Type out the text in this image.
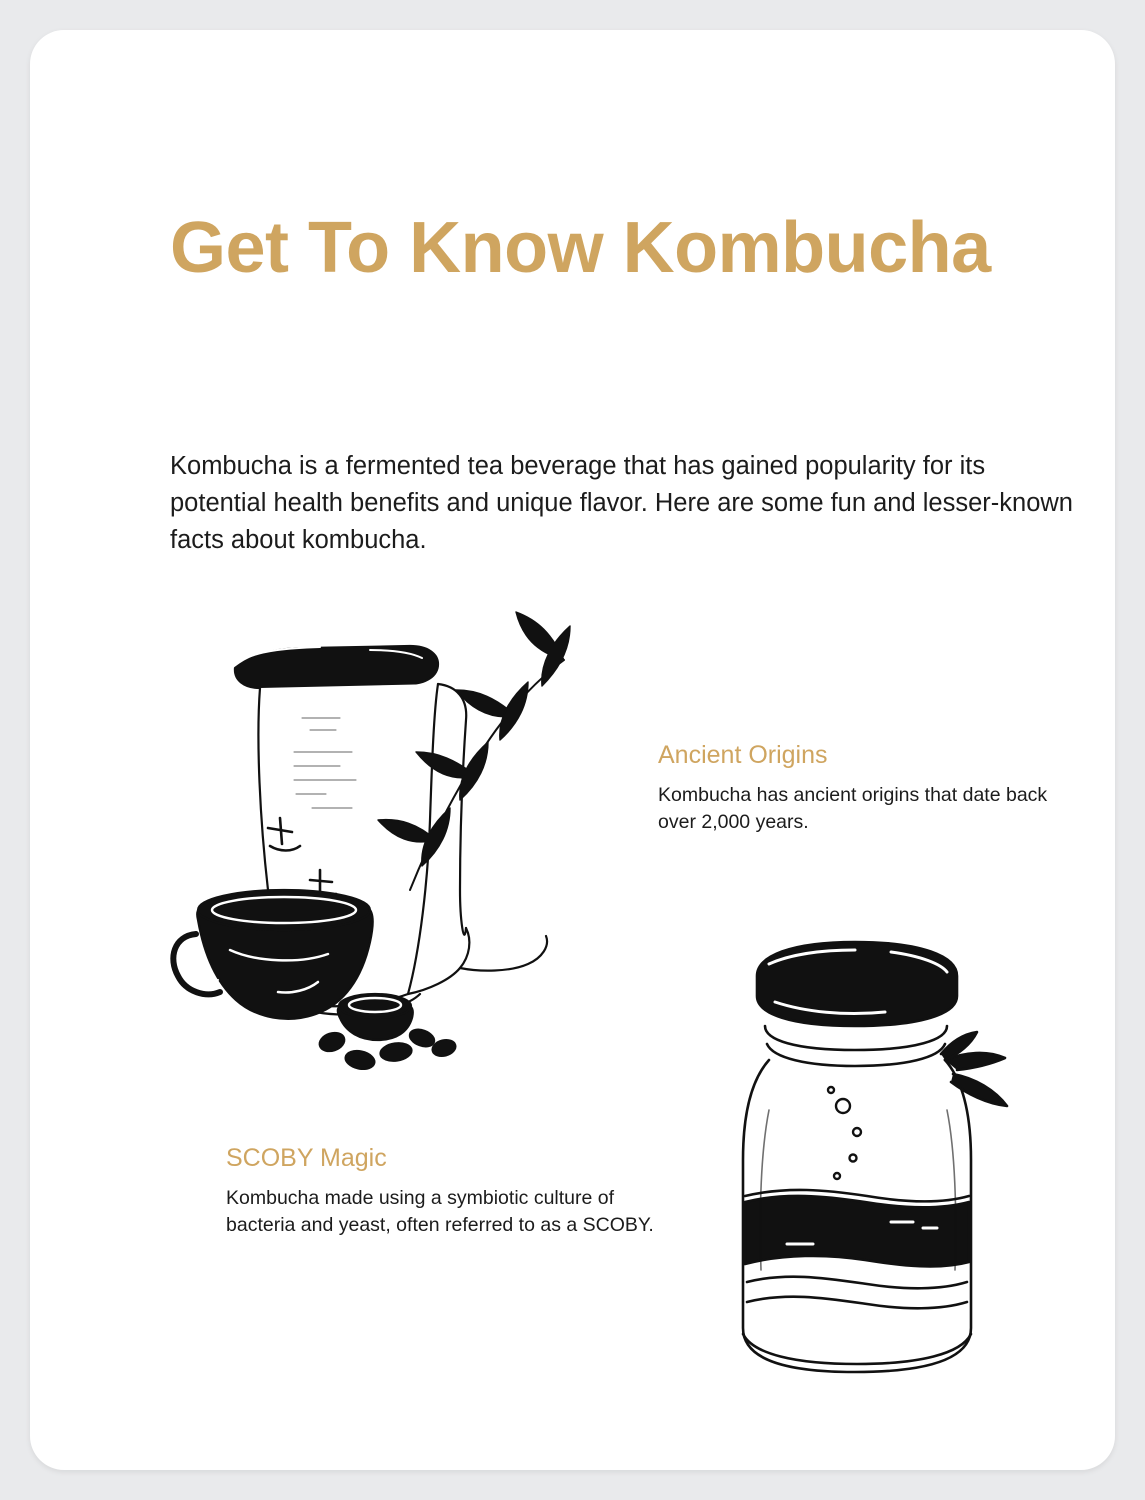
Get To Know Kombucha

Kombucha is a fermented tea beverage that has gained popularity for its potential health benefits and unique flavor. Here are some fun and lesser-known facts about kombucha.

Ancient Origins

Kombucha has ancient origins that date back over 2,000 years.

SCOBY Magic

Kombucha made using a symbiotic culture of bacteria and yeast, often referred to as a SCOBY.
